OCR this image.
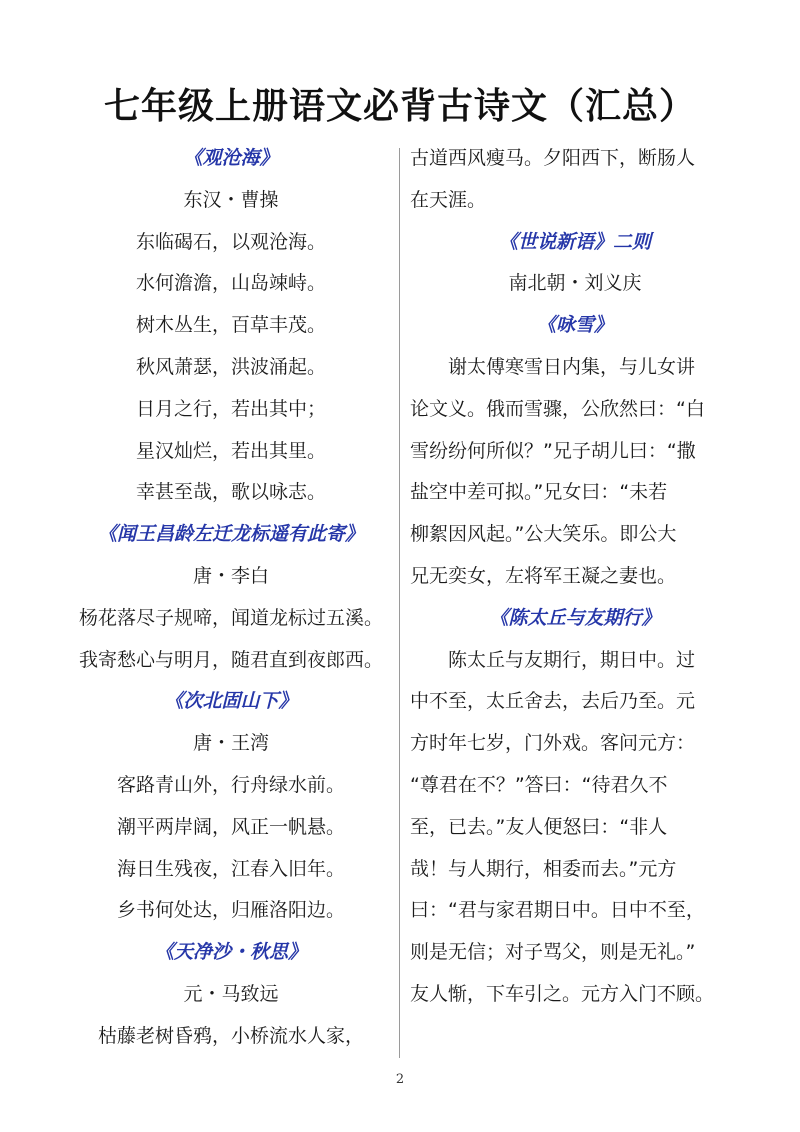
七年级上册语文必背古诗文（汇总）
《观沧海》
东汉・曹操
东临碣石，以观沧海。
水何澹澹，山岛竦峙。
树木丛生，百草丰茂。
秋风萧瑟，洪波涌起。
日月之行，若出其中；
星汉灿烂，若出其里。
幸甚至哉，歌以咏志。
《闻王昌龄左迁龙标遥有此寄》
唐・李白
杨花落尽子规啼，闻道龙标过五溪。
我寄愁心与明月，随君直到夜郎西。
《次北固山下》
唐・王湾
客路青山外，行舟绿水前。
潮平两岸阔，风正一帆悬。
海日生残夜，江春入旧年。
乡书何处达，归雁洛阳边。
《天净沙・秋思》
元・马致远
枯藤老树昏鸦，小桥流水人家，
古道西风瘦马。夕阳西下，断肠人
在天涯。
《世说新语》二则
南北朝・刘义庆
《咏雪》
　　谢太傅寒雪日内集，与儿女讲
论文义。俄而雪骤，公欣然曰：“白
雪纷纷何所似？”兄子胡儿曰：“撒
盐空中差可拟。”兄女曰：“未若
柳絮因风起。”公大笑乐。即公大
兄无奕女，左将军王凝之妻也。
《陈太丘与友期行》
　　陈太丘与友期行，期日中。过
中不至，太丘舍去，去后乃至。元
方时年七岁，门外戏。客问元方：
“尊君在不？”答曰：“待君久不
至，已去。”友人便怒曰：“非人
哉！与人期行，相委而去。”元方
曰：“君与家君期日中。日中不至，
则是无信；对子骂父，则是无礼。”
友人惭，下车引之。元方入门不顾。
2
